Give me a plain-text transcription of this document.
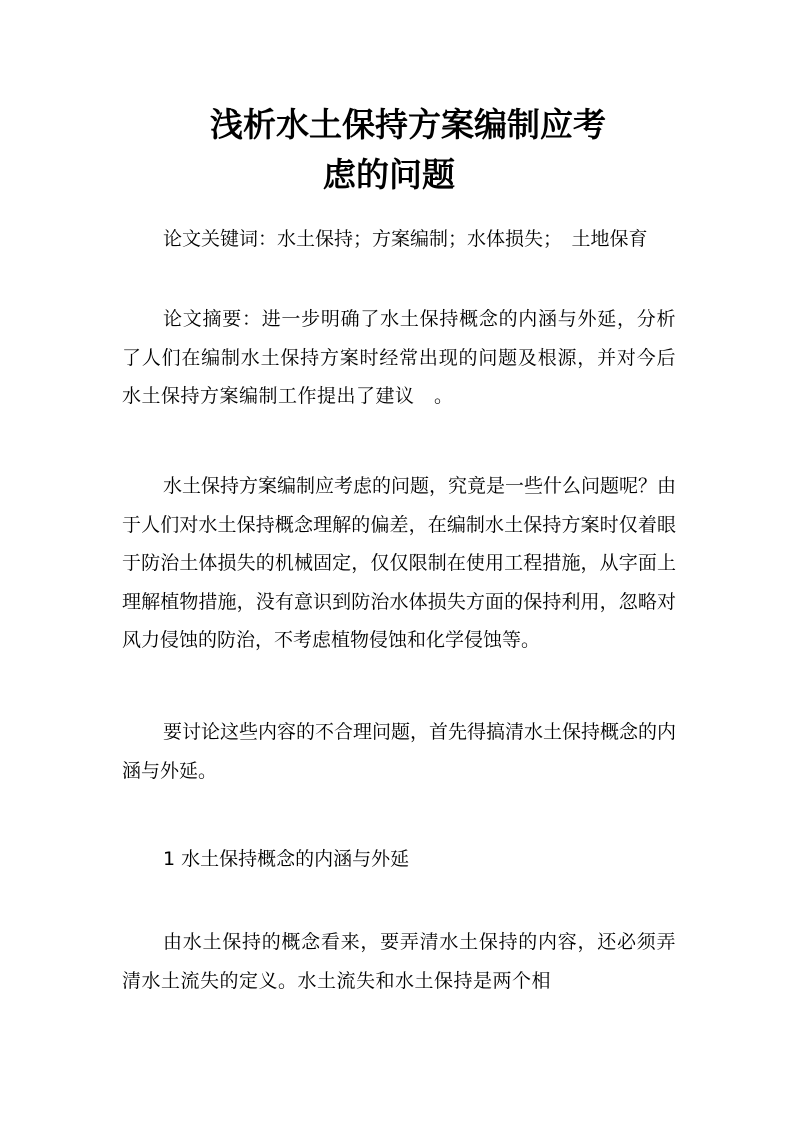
浅析水土保持方案编制应考
虑的问题
论文关键词：水土保持；方案编制；水体损失；　土地保育
论文摘要：进一步明确了水土保持概念的内涵与外延，分析了人们在编制水土保持方案时经常出现的问题及根源，并对今后水土保持方案编制工作提出了建议　。
水土保持方案编制应考虑的问题，究竟是一些什么问题呢？由于人们对水土保持概念理解的偏差，在编制水土保持方案时仅着眼于防治土体损失的机械固定，仅仅限制在使用工程措施，从字面上理解植物措施，没有意识到防治水体损失方面的保持利用，忽略对风力侵蚀的防治，不考虑植物侵蚀和化学侵蚀等。
要讨论这些内容的不合理问题，首先得搞清水土保持概念的内涵与外延。
1 水土保持概念的内涵与外延
由水土保持的概念看来，要弄清水土保持的内容，还必须弄清水土流失的定义。水土流失和水土保持是两个相
